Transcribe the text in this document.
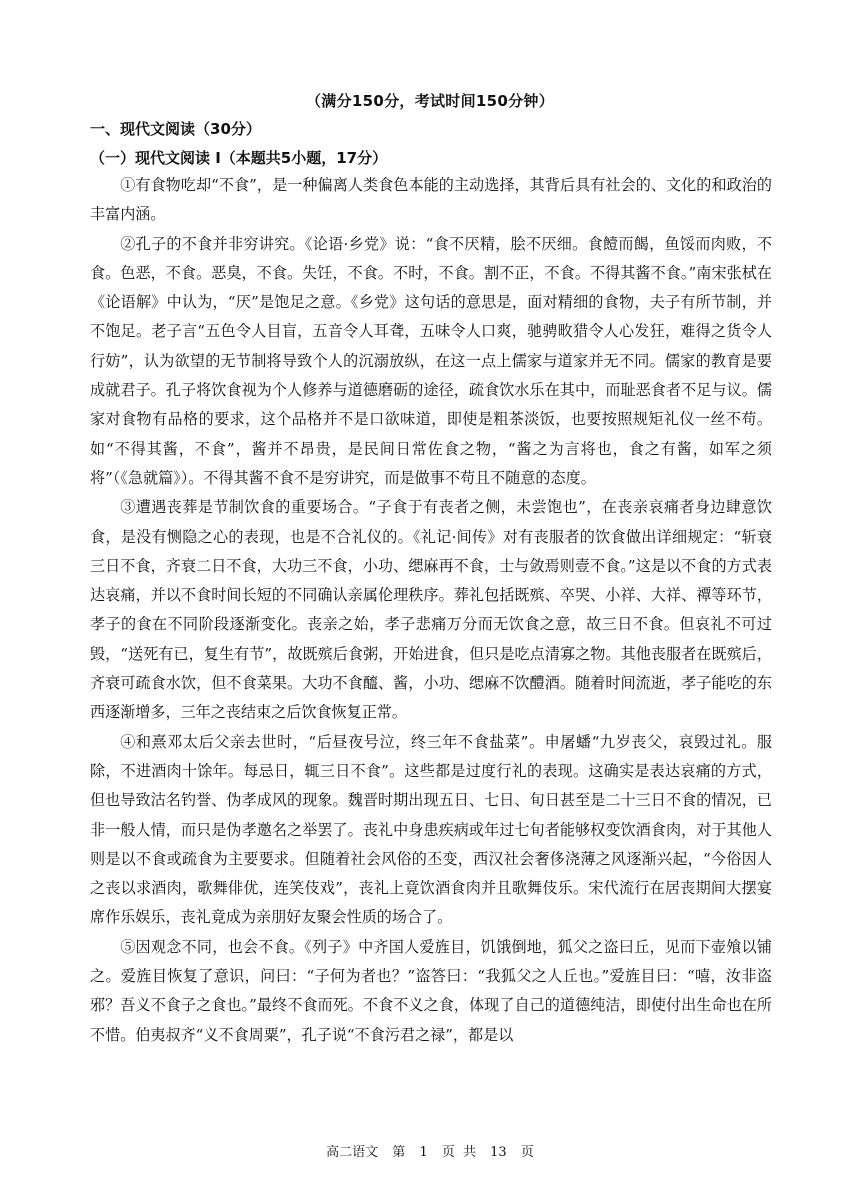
（满分150分，考试时间150分钟）
一、现代文阅读（30分）
（一）现代文阅读 I（本题共5小题，17分）

①有食物吃却“不食”，是一种偏离人类食色本能的主动选择，其背后具有社会的、文化的和政治的丰富内涵。

②孔子的不食并非穷讲究。《论语·乡党》说：“食不厌精，脍不厌细。食饐而餲，鱼馁而肉败，不食。色恶，不食。恶臭，不食。失饪，不食。不时，不食。割不正，不食。不得其酱不食。”南宋张栻在《论语解》中认为，“厌”是饱足之意。《乡党》这句话的意思是，面对精细的食物，夫子有所节制，并不饱足。老子言“五色令人目盲，五音令人耳聋，五味令人口爽，驰骋畋猎令人心发狂，难得之货令人行妨”，认为欲望的无节制将导致个人的沉溺放纵，在这一点上儒家与道家并无不同。儒家的教育是要成就君子。孔子将饮食视为个人修养与道德磨砺的途径，疏食饮水乐在其中，而耻恶食者不足与议。儒家对食物有品格的要求，这个品格并不是口欲味道，即使是粗茶淡饭，也要按照规矩礼仪一丝不苟。如“不得其酱，不食”，酱并不昂贵，是民间日常佐食之物，“酱之为言将也，食之有酱，如军之须将”（《急就篇》）。不得其酱不食不是穷讲究，而是做事不苟且不随意的态度。

③遭遇丧葬是节制饮食的重要场合。“子食于有丧者之侧，未尝饱也”，在丧亲哀痛者身边肆意饮食，是没有恻隐之心的表现，也是不合礼仪的。《礼记·间传》对有丧服者的饮食做出详细规定：“斩衰三日不食，齐衰二日不食，大功三不食，小功、缌麻再不食，士与敛焉则壹不食。”这是以不食的方式表达哀痛，并以不食时间长短的不同确认亲属伦理秩序。葬礼包括既殡、卒哭、小祥、大祥、禫等环节，孝子的食在不同阶段逐渐变化。丧亲之始，孝子悲痛万分而无饮食之意，故三日不食。但哀礼不可过毁，“送死有已，复生有节”，故既殡后食粥，开始进食，但只是吃点清寡之物。其他丧服者在既殡后，齐衰可疏食水饮，但不食菜果。大功不食醯、酱，小功、缌麻不饮醴酒。随着时间流逝，孝子能吃的东西逐渐增多，三年之丧结束之后饮食恢复正常。

④和熹邓太后父亲去世时，“后昼夜号泣，终三年不食盐菜”。申屠蟠“九岁丧父，哀毁过礼。服除，不进酒肉十馀年。每忌日，辄三日不食”。这些都是过度行礼的表现。这确实是表达哀痛的方式，但也导致沽名钓誉、伪孝成风的现象。魏晋时期出现五日、七日、旬日甚至是二十三日不食的情况，已非一般人情，而只是伪孝邀名之举罢了。丧礼中身患疾病或年过七旬者能够权变饮酒食肉，对于其他人则是以不食或疏食为主要要求。但随着社会风俗的丕变，西汉社会奢侈浇薄之风逐渐兴起，“今俗因人之丧以求酒肉，歌舞俳优，连笑伎戏”，丧礼上竟饮酒食肉并且歌舞伎乐。宋代流行在居丧期间大摆宴席作乐娱乐，丧礼竟成为亲朋好友聚会性质的场合了。

⑤因观念不同，也会不食。《列子》中齐国人爱旌目，饥饿倒地，狐父之盗曰丘，见而下壶飧以铺之。爱旌目恢复了意识，问曰：“子何为者也？”盗答曰：“我狐父之人丘也。”爱旌目曰：“嘻，汝非盗邪？吾义不食子之食也。”最终不食而死。不食不义之食，体现了自己的道德纯洁，即使付出生命也在所不惜。伯夷叔齐“义不食周粟”，孔子说“不食污君之禄”，都是以

高二语文 第 1 页 共 13 页
